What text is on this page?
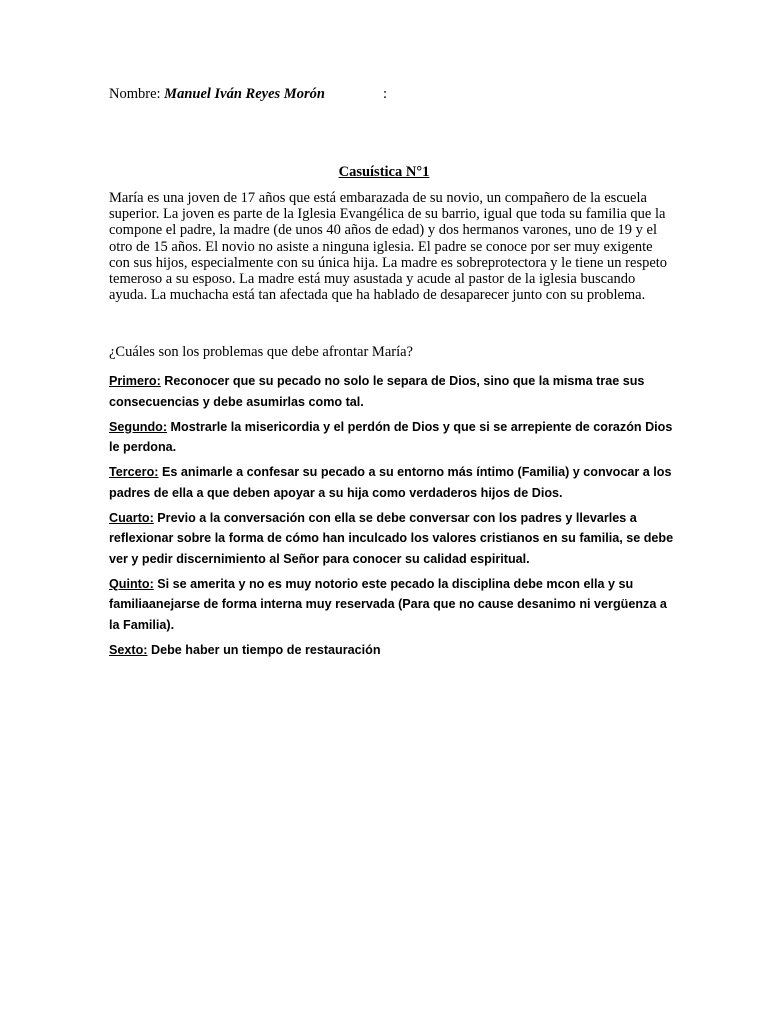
Nombre: Manuel Iván Reyes Morón	:
Casuística N°1
María es una joven de 17 años que está embarazada de su novio, un compañero de la escuela
superior. La joven es parte de la Iglesia Evangélica de su barrio, igual que toda su familia que la
compone el padre, la madre (de unos 40 años de edad) y dos hermanos varones, uno de 19 y el
otro de 15 años. El novio no asiste a ninguna iglesia. El padre se conoce por ser muy exigente
con sus hijos, especialmente con su única hija. La madre es sobreprotectora y le tiene un respeto
temeroso a su esposo. La madre está muy asustada y acude al pastor de la iglesia buscando
ayuda. La muchacha está tan afectada que ha hablado de desaparecer junto con su problema.
¿Cuáles son los problemas que debe afrontar María?
Primero: Reconocer que su pecado no solo le separa de Dios, sino que la misma trae sus
consecuencias y debe asumirlas como tal.
Segundo: Mostrarle la misericordia y el perdón de Dios y que si se arrepiente de corazón Dios
le perdona.
Tercero: Es animarle a confesar su pecado a su entorno más íntimo (Familia) y convocar a los
padres de ella a que deben apoyar a su hija como verdaderos hijos de Dios.
Cuarto: Previo a la conversación con ella se debe conversar con los padres y llevarles a
reflexionar sobre la forma de cómo han inculcado los valores cristianos en su familia, se debe
ver y pedir discernimiento al Señor para conocer su calidad espiritual.
Quinto: Si se amerita y no es muy notorio este pecado la disciplina debe mcon ella y su
familiaanejarse de forma interna muy reservada (Para que no cause desanimo ni vergüenza a
la Familia).
Sexto: Debe haber un tiempo de restauración
